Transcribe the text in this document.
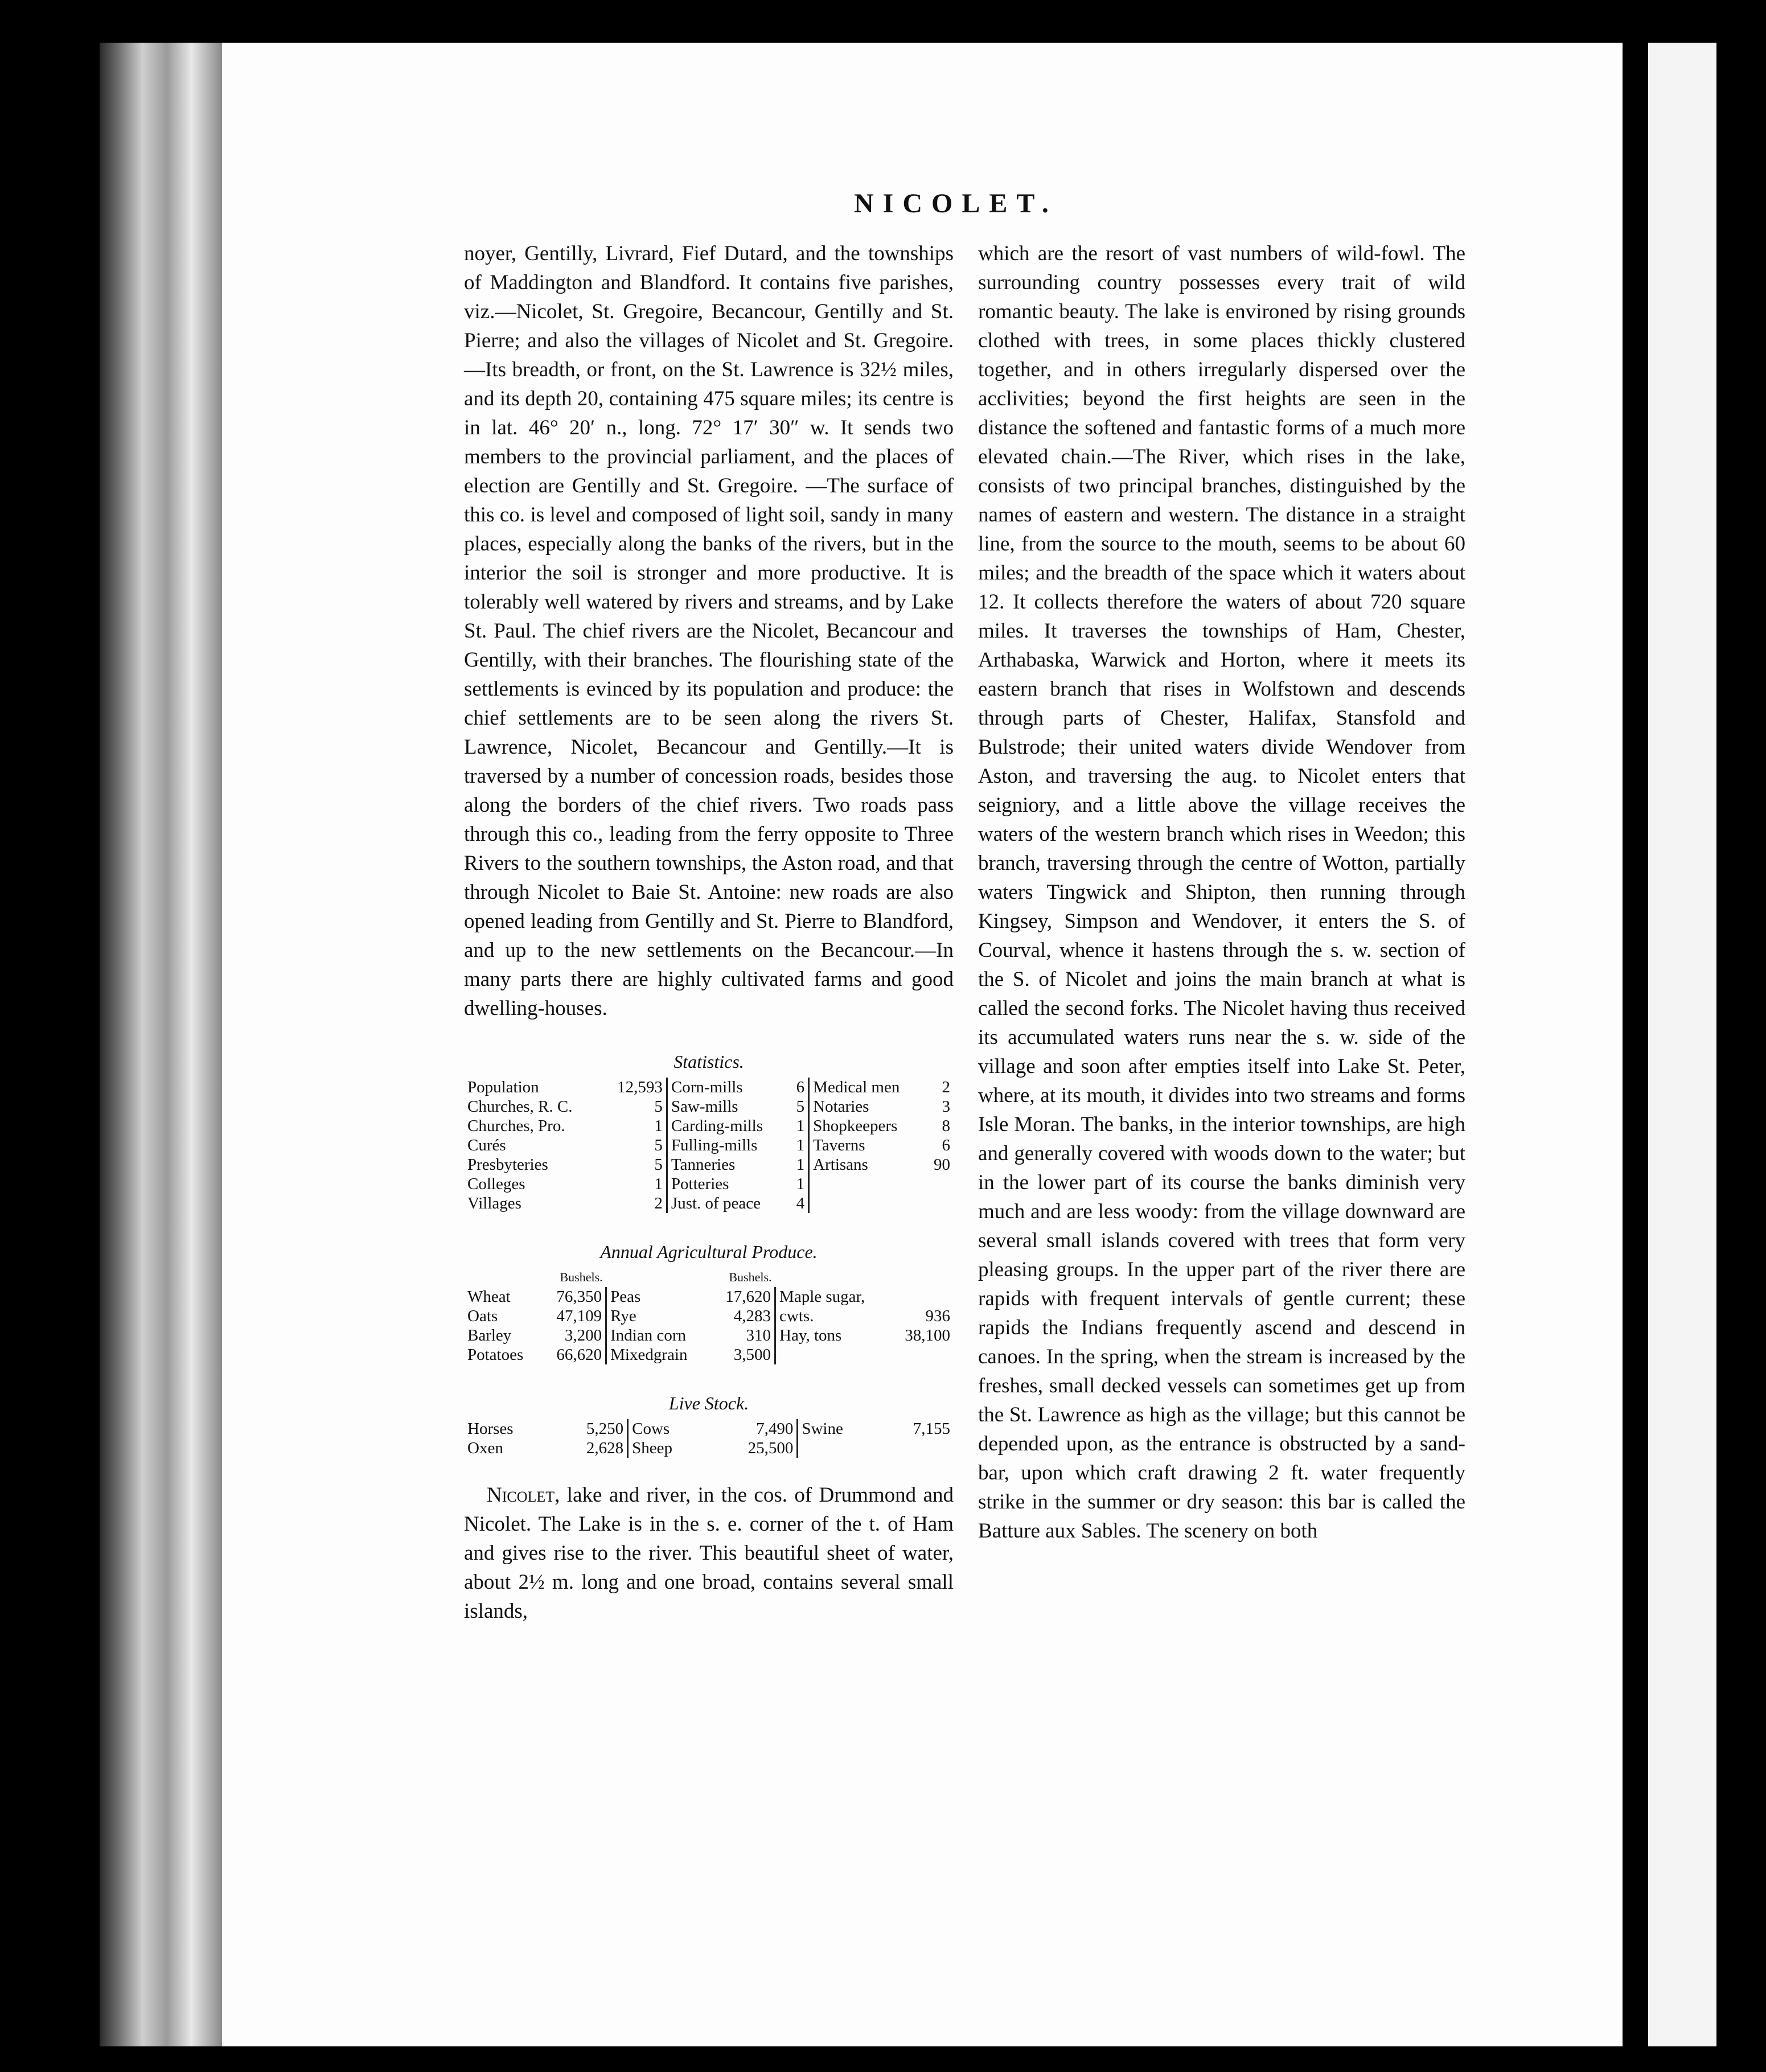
NICOLET.

noyer, Gentilly, Livrard, Fief Dutard, and the townships of Maddington and Blandford. It contains five parishes, viz.—Nicolet, St. Gregoire, Becancour, Gentilly and St. Pierre; and also the villages of Nicolet and St. Gregoire.—Its breadth, or front, on the St. Lawrence is 32½ miles, and its depth 20, containing 475 square miles; its centre is in lat. 46° 20′ n., long. 72° 17′ 30″ w. It sends two members to the provincial parliament, and the places of election are Gentilly and St. Gregoire. —The surface of this co. is level and composed of light soil, sandy in many places, especially along the banks of the rivers, but in the interior the soil is stronger and more productive. It is tolerably well watered by rivers and streams, and by Lake St. Paul. The chief rivers are the Nicolet, Becancour and Gentilly, with their branches. The flourishing state of the settlements is evinced by its population and produce: the chief settlements are to be seen along the rivers St. Lawrence, Nicolet, Becancour and Gentilly.—It is traversed by a number of concession roads, besides those along the borders of the chief rivers. Two roads pass through this co., leading from the ferry opposite to Three Rivers to the southern townships, the Aston road, and that through Nicolet to Baie St. Antoine: new roads are also opened leading from Gentilly and St. Pierre to Blandford, and up to the new settlements on the Becancour.—In many parts there are highly cultivated farms and good dwelling-houses.

Statistics.
Population	12,593	Corn-mills	6	Medical men	2
Churches, R. C.	5	Saw-mills	5	Notaries	3
Churches, Pro.	1	Carding-mills	1	Shopkeepers	8
Curés	5	Fulling-mills	1	Taverns	6
Presbyteries	5	Tanneries	1	Artisans	90
Colleges	1	Potteries	1		
Villages	2	Just. of peace	4		
Annual Agricultural Produce.
	Bushels.		Bushels.		
Wheat	76,350	Peas	17,620	Maple sugar,	
Oats	47,109	Rye	4,283	cwts.	936
Barley	3,200	Indian corn	310	Hay, tons	38,100
Potatoes	66,620	Mixedgrain	3,500		
Live Stock.
Horses	5,250	Cows	7,490	Swine	7,155
Oxen	2,628	Sheep	25,500		

Nicolet, lake and river, in the cos. of Drummond and Nicolet. The Lake is in the s. e. corner of the t. of Ham and gives rise to the river. This beautiful sheet of water, about 2½ m. long and one broad, contains several small islands,

which are the resort of vast numbers of wild-fowl. The surrounding country possesses every trait of wild romantic beauty. The lake is environed by rising grounds clothed with trees, in some places thickly clustered together, and in others irregularly dispersed over the acclivities; beyond the first heights are seen in the distance the softened and fantastic forms of a much more elevated chain.—The River, which rises in the lake, consists of two principal branches, distinguished by the names of eastern and western. The distance in a straight line, from the source to the mouth, seems to be about 60 miles; and the breadth of the space which it waters about 12. It collects therefore the waters of about 720 square miles. It traverses the townships of Ham, Chester, Arthabaska, Warwick and Horton, where it meets its eastern branch that rises in Wolfstown and descends through parts of Chester, Halifax, Stansfold and Bulstrode; their united waters divide Wendover from Aston, and traversing the aug. to Nicolet enters that seigniory, and a little above the village receives the waters of the western branch which rises in Weedon; this branch, traversing through the centre of Wotton, partially waters Tingwick and Shipton, then running through Kingsey, Simpson and Wendover, it enters the S. of Courval, whence it hastens through the s. w. section of the S. of Nicolet and joins the main branch at what is called the second forks. The Nicolet having thus received its accumulated waters runs near the s. w. side of the village and soon after empties itself into Lake St. Peter, where, at its mouth, it divides into two streams and forms Isle Moran. The banks, in the interior townships, are high and generally covered with woods down to the water; but in the lower part of its course the banks diminish very much and are less woody: from the village downward are several small islands covered with trees that form very pleasing groups. In the upper part of the river there are rapids with frequent intervals of gentle current; these rapids the Indians frequently ascend and descend in canoes. In the spring, when the stream is increased by the freshes, small decked vessels can sometimes get up from the St. Lawrence as high as the village; but this cannot be depended upon, as the entrance is obstructed by a sand-bar, upon which craft drawing 2 ft. water frequently strike in the summer or dry season: this bar is called the Batture aux Sables. The scenery on both
